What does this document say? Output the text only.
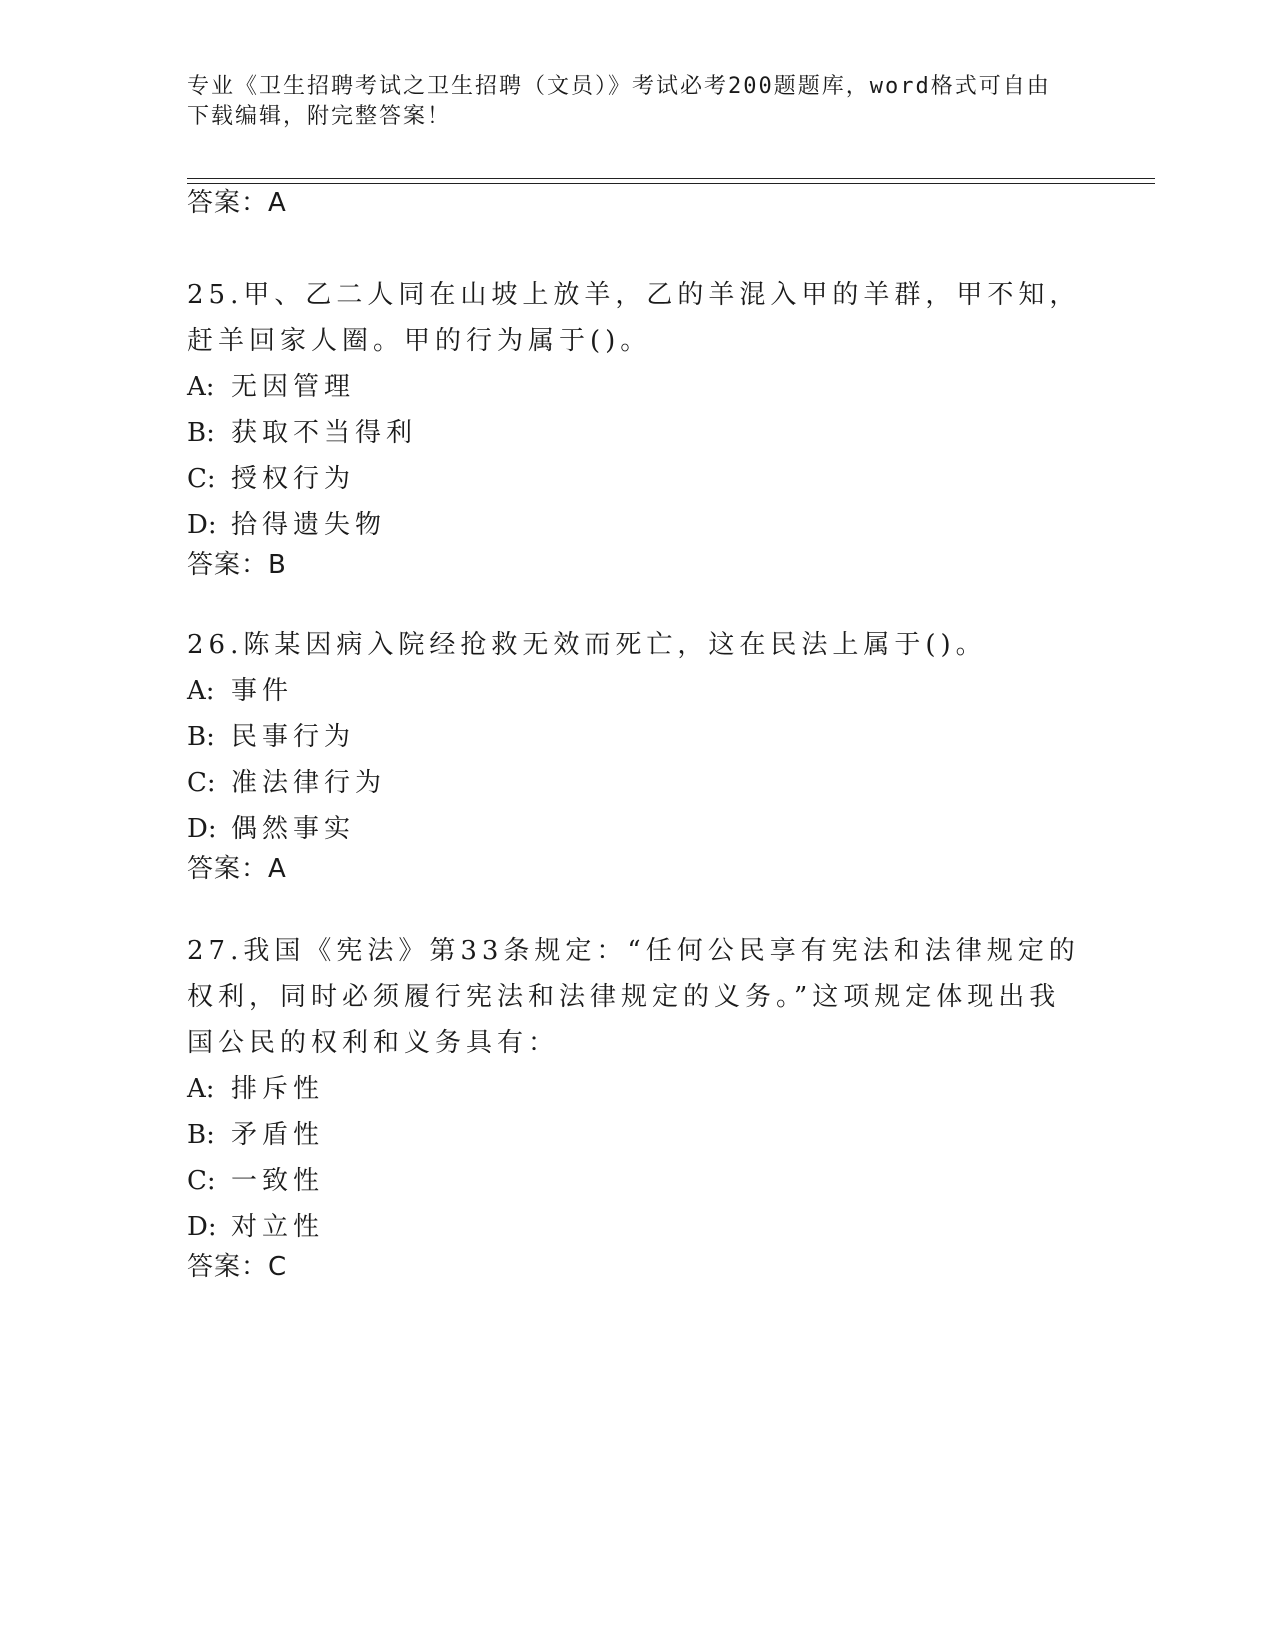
专业《卫生招聘考试之卫生招聘（文员）》考试必考200题题库，word格式可自由下载编辑，附完整答案！
答案：A

25.甲、乙二人同在山坡上放羊，乙的羊混入甲的羊群，甲不知，赶羊回家人圈。甲的行为属于()。

A: 无因管理

B: 获取不当得利

C: 授权行为

D: 拾得遗失物

答案：B

26.陈某因病入院经抢救无效而死亡，这在民法上属于()。

A: 事件

B: 民事行为

C: 准法律行为

D: 偶然事实

答案：A

27.我国《宪法》第33条规定：“任何公民享有宪法和法律规定的权利，同时必须履行宪法和法律规定的义务。”这项规定体现出我国公民的权利和义务具有：

A: 排斥性

B: 矛盾性

C: 一致性

D: 对立性

答案：C
